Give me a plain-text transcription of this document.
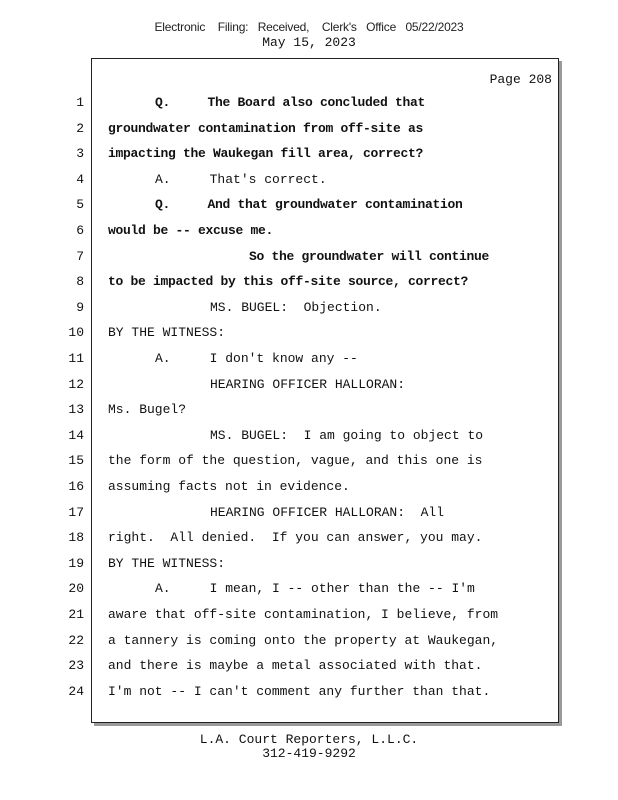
Electronic    Filing:   Received,    Clerk's   Office   05/22/2023
May 15, 2023
Page 208
1	Q.     The Board also concluded that
2 groundwater contamination from off-site as
3 impacting the Waukegan fill area, correct?
4	A.     That's correct.
5	Q.     And that groundwater contamination
6 would be -- excuse me.
7	So the groundwater will continue
8 to be impacted by this off-site source, correct?
9	MS. BUGEL:  Objection.
10 BY THE WITNESS:
11	A.     I don't know any --
12	HEARING OFFICER HALLORAN:
13 Ms. Bugel?
14	MS. BUGEL:  I am going to object to
15 the form of the question, vague, and this one is
16 assuming facts not in evidence.
17	HEARING OFFICER HALLORAN:  All
18 right.  All denied.  If you can answer, you may.
19 BY THE WITNESS:
20	A.     I mean, I -- other than the -- I'm
21 aware that off-site contamination, I believe, from
22 a tannery is coming onto the property at Waukegan,
23 and there is maybe a metal associated with that.
24 I'm not -- I can't comment any further than that.
L.A. Court Reporters, L.L.C.
312-419-9292
